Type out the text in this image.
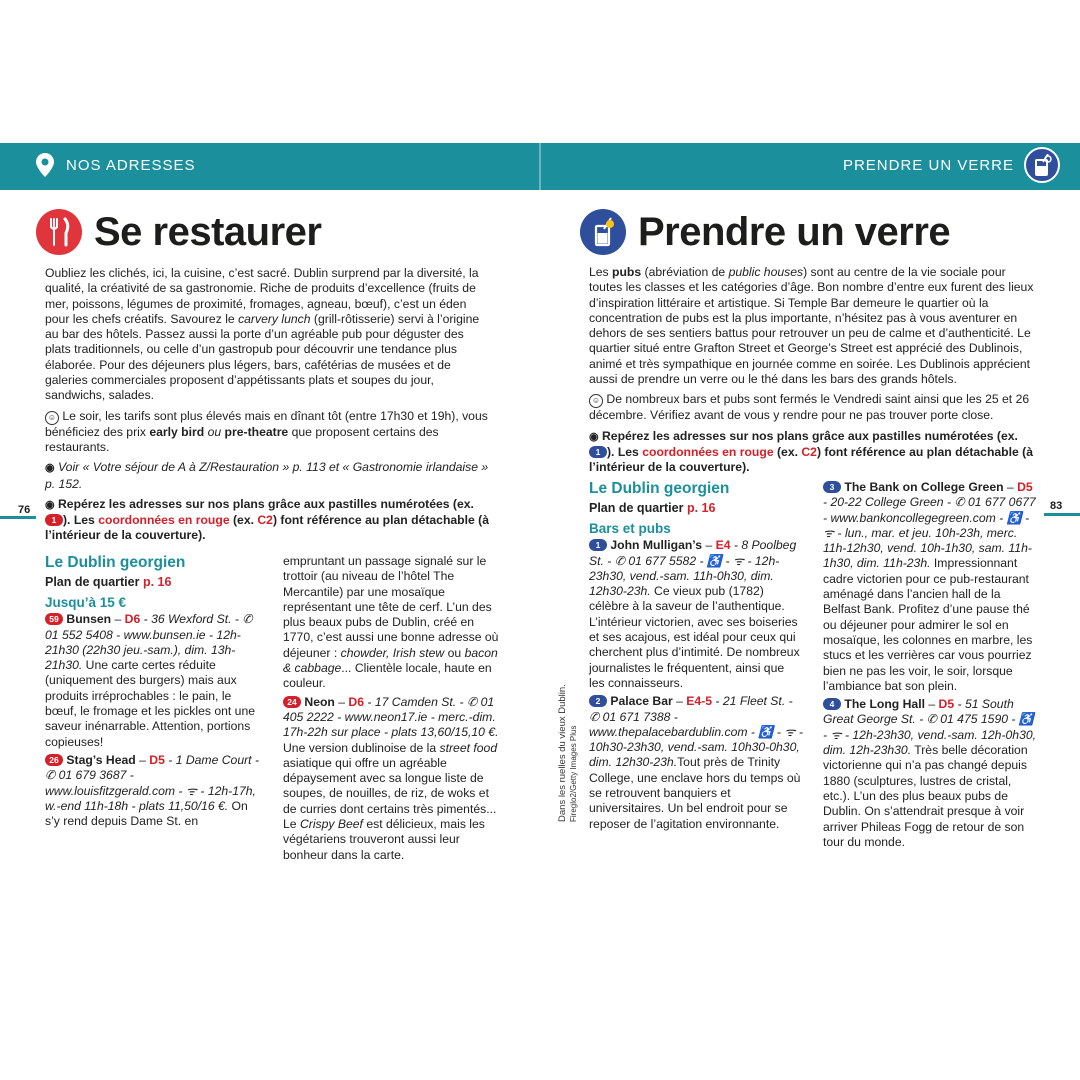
NOS ADRESSES	PRENDRE UN VERRE
76	83
Se restaurer

Oubliez les clichés, ici, la cuisine, c’est sacré. Dublin surprend par la diversité, la qualité, la créativité de sa gastronomie. Riche de produits d’excellence (fruits de mer, poissons, légumes de proximité, fromages, agneau, bœuf), c’est un éden pour les chefs créatifs. Savourez le carvery lunch (grill-rôtisserie) servi à l’origine au bar des hôtels. Passez aussi la porte d’un agréable pub pour déguster des plats traditionnels, ou celle d’un gastropub pour découvrir une tendance plus élaborée. Pour des déjeuners plus légers, bars, cafétérias de musées et de galeries commerciales proposent d’appétissants plats et soupes du jour, sandwichs, salades.

☺ Le soir, les tarifs sont plus élevés mais en dînant tôt (entre 17h30 et 19h), vous bénéficiez des prix early bird ou pre-theatre que proposent certains des restaurants.

◉ Voir « Votre séjour de A à Z/Restauration » p. 113 et « Gastronomie irlandaise » p. 152.

◉ Repérez les adresses sur nos plans grâce aux pastilles numérotées (ex. 1 ). Les coordonnées en rouge (ex. C2) font référence au plan détachable (à l’intérieur de la couverture).

Le Dublin georgien
Plan de quartier p. 16
Jusqu’à 15 €

59 Bunsen – D6 - 36 Wexford St. - ✆ 01 552 5408 - www.bunsen.ie - 12h-21h30 (22h30 jeu.-sam.), dim. 13h-21h30. Une carte certes réduite (uniquement des burgers) mais aux produits irréprochables : le pain, le bœuf, le fromage et les pickles ont une saveur inénarrable. Attention, portions copieuses!

26 Stag’s Head – D5 - 1 Dame Court - ✆ 01 679 3687 - www.louisfitzgerald.com - ᯤ - 12h-17h, w.-end 11h-18h - plats 11,50/16 €. On s’y rend depuis Dame St. en

empruntant un passage signalé sur le trottoir (au niveau de l’hôtel The Mercantile) par une mosaïque représentant une tête de cerf. L’un des plus beaux pubs de Dublin, créé en 1770, c’est aussi une bonne adresse où déjeuner : chowder, Irish stew ou bacon & cabbage... Clientèle locale, haute en couleur.

24 Neon – D6 - 17 Camden St. - ✆ 01 405 2222 - www.neon17.ie - merc.-dim. 17h-22h sur place - plats 13,60/15,10 €. Une version dublinoise de la street food asiatique qui offre un agréable dépaysement avec sa longue liste de soupes, de nouilles, de riz, de woks et de curries dont certains très pimentés... Le Crispy Beef est délicieux, mais les végétariens trouveront aussi leur bonheur dans la carte.

Prendre un verre

Les pubs (abréviation de public houses) sont au centre de la vie sociale pour toutes les classes et les catégories d’âge. Bon nombre d’entre eux furent des lieux d’inspiration littéraire et artistique. Si Temple Bar demeure le quartier où la concentration de pubs est la plus importante, n’hésitez pas à vous aventurer en dehors de ses sentiers battus pour retrouver un peu de calme et d’authenticité. Le quartier situé entre Grafton Street et George’s Street est apprécié des Dublinois, animé et très sympathique en journée comme en soirée. Les Dublinois apprécient aussi de prendre un verre ou le thé dans les bars des grands hôtels.

☺ De nombreux bars et pubs sont fermés le Vendredi saint ainsi que les 25 et 26 décembre. Vérifiez avant de vous y rendre pour ne pas trouver porte close.

◉ Repérez les adresses sur nos plans grâce aux pastilles numérotées (ex. 1 ). Les coordonnées en rouge (ex. C2) font référence au plan détachable (à l’intérieur de la couverture).

Le Dublin georgien
Plan de quartier p. 16
Bars et pubs

1 John Mulligan’s – E4 - 8 Poolbeg St. - ✆ 01 677 5582 - ♿ - ᯤ - 12h-23h30, vend.-sam. 11h-0h30, dim. 12h30-23h. Ce vieux pub (1782) célèbre à la saveur de l’authentique. L’intérieur victorien, avec ses boiseries et ses acajous, est idéal pour ceux qui cherchent plus d’intimité. De nombreux journalistes le fréquentent, ainsi que les connaisseurs.

2 Palace Bar – E4-5 - 21 Fleet St. - ✆ 01 671 7388 - www.thepalacebardublin.com - ♿ - ᯤ - 10h30-23h30, vend.-sam. 10h30-0h30, dim. 12h30-23h.Tout près de Trinity College, une enclave hors du temps où se retrouvent banquiers et universitaires. Un bel endroit pour se reposer de l’agitation environnante.

3 The Bank on College Green – D5 - 20-22 College Green - ✆ 01 677 0677 - www.bankoncollegegreen.com - ♿ - ᯤ - lun., mar. et jeu. 10h-23h, merc. 11h-12h30, vend. 10h-1h30, sam. 11h-1h30, dim. 11h-23h. Impressionnant cadre victorien pour ce pub-restaurant aménagé dans l’ancien hall de la Belfast Bank. Profitez d’une pause thé ou déjeuner pour admirer le sol en mosaïque, les colonnes en marbre, les stucs et les verrières car vous pourriez bien ne pas les voir, le soir, lorsque l’ambiance bat son plein.

4 The Long Hall – D5 - 51 South Great George St. - ✆ 01 475 1590 - ♿ - ᯤ - 12h-23h30, vend.-sam. 12h-0h30, dim. 12h-23h30. Très belle décoration victorienne qui n’a pas changé depuis 1880 (sculptures, lustres de cristal, etc.). L’un des plus beaux pubs de Dublin. On s’attendrait presque à voir arriver Phileas Fogg de retour de son tour du monde.

Dans les ruelles du vieux Dublin. Fireglo2/Getty Images Plus
